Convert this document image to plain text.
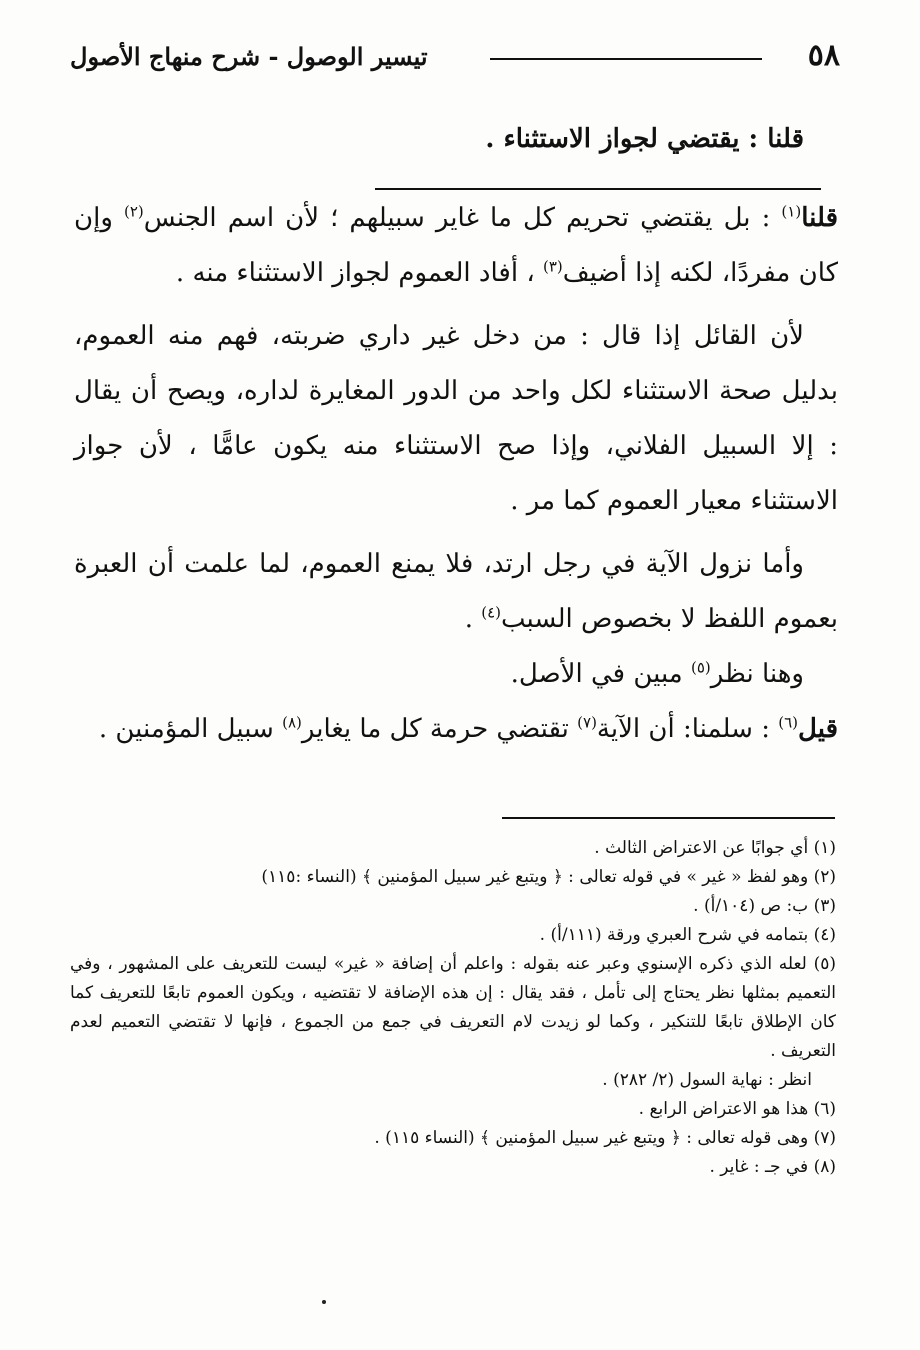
٥٨
تيسير الوصول - شرح منهاج الأصول

قلنا : يقتضي لجواز الاستثناء .

قلنا$^{(١)}$ : بل يقتضي تحريم كل ما غاير سبيلهم ؛ لأن اسم الجنس$^{(٢)}$ وإن كان مفردًا، لكنه إذا أضيف$^{(٣)}$ ، أفاد العموم لجواز الاستثناء منه .

لأن القائل إذا قال : من دخل غير داري ضربته، فهم منه العموم، بدليل صحة الاستثناء لكل واحد من الدور المغايرة لداره، ويصح أن يقال : إلا السبيل الفلاني، وإذا صح الاستثناء منه يكون عامًّا ، لأن جواز الاستثناء معيار العموم كما مر .

وأما نزول الآية في رجل ارتد، فلا يمنع العموم، لما علمت أن العبرة بعموم اللفظ لا بخصوص السبب$^{(٤)}$ .

وهنا نظر$^{(٥)}$ مبين في الأصل.

قيل$^{(٦)}$ : سلمنا: أن الآية$^{(٧)}$ تقتضي حرمة كل ما يغاير$^{(٨)}$ سبيل المؤمنين .

(١) أي جوابًا عن الاعتراض الثالث .

(٢) وهو لفظ « غير » في قوله تعالى : ﴿ ويتبع غير سبيل المؤمنين ﴾ (النساء :١١٥)

(٣) ب: ص (١٠٤/أ) .

(٤) بتمامه في شرح العبري ورقة (١١١/أ) .

(٥) لعله الذي ذكره الإسنوي وعبر عنه بقوله : واعلم أن إضافة « غير» ليست للتعريف على المشهور ، وفي التعميم بمثلها نظر يحتاج إلى تأمل ، فقد يقال : إن هذه الإضافة لا تقتضيه ، ويكون العموم تابعًا للتعريف كما كان الإطلاق تابعًا للتنكير ، وكما لو زيدت لام التعريف في جمع من الجموع ، فإنها لا تقتضي التعميم لعدم التعريف .

انظر : نهاية السول (٢/ ٢٨٢) .

(٦) هذا هو الاعتراض الرابع .

(٧) وهى قوله تعالى : ﴿ ويتبع غير سبيل المؤمنين ﴾ (النساء ١١٥) .

(٨) في جـ : غاير .
